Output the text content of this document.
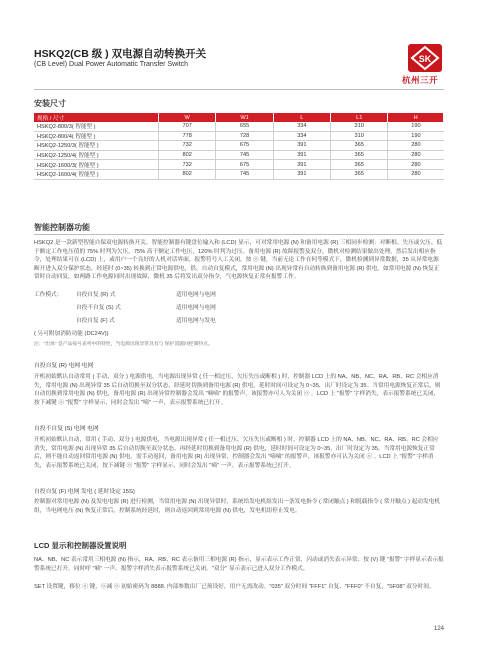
HSKQ2(CB 级 ) 双电源自动转换开关
(CB Level) Dual Power Automatic Transfer Switch
SK
杭州三开
安装尺寸
规格 / 尺寸	W	W1	L	L1	H
HSKQ2-800/3( 智能型 )	707	655	334	310	190
HSKQ2-800/4( 智能型 )	778	728	334	310	190
HSKQ2-1250/3( 智能型 )	732	675	391	365	280
HSKQ2-1250/4( 智能型 )	802	745	391	365	280
HSKQ2-1600/3( 智能型 )	732	675	391	365	280
HSKQ2-1600/4( 智能型 )	802	745	391	365	280
智能控制器功能
HSKQ2 是一款新型智能自保双电源转换开关。智能控制器有键盘位输入和 (LCD) 显示，可对常用电源 (N) 和备用电源 (R) 三相同步检测：对断相、失压或欠压、低于额定工作电压值的 75% 时判为欠压，75% 高于额定工作电压，120% 时判为过压。备用电源 (R) 故障报警及双分，微机对检测结果做出处理，然后发出相应指令，处理结果可在 (LCD) 上，或用户一个良好的人机对话界面，报警符号人工关闭，按 ⓞ 键，当前无论工作在何等模式下，微机检测到异常数据，35 从异常电源断开进入双分保护状态，经延时 (0~35) 转换到正常电源供电，供，自动自复模式，常用电源 (N) 出现异常有自动转换到备用电源 (R) 供电，如常用电源 (N) 恢复正常时自动回复，如两路工作电源同时出现故障，微机 35 后将发出双分指令，气电源恢复正常有报警工作。
工作模式： 自投自复 (R) 式	适用电网与电网
自投不自复 (S) 式	适用电网与电网
自投自复 (F) 式	适用电网与发电
( 另可附加消防功能 (DC24V))
注："出体" 是产品按号表列中的特性，当电源出现异常具有与 保护消题回控制特点。
自投自复 (R) 电网 电网
开机初始默认自动常用 ( 手动、双分 ) 电源供电，当电源出现异常 ( 任一相过压、欠压失压或断相 ) 时，控制器 LCD 上的 NA、NB、NC、RA、RB、RC 会相应消失，常用电源 (N) 出现异常 35 后自动切换至双分状态，经延时切换到备用电源 (R) 供电，延时时间可设定为 0~35，出厂时设定为 35。当常用电源恢复正常后，则自动切换到常用电源 (N) 供电，备用电源 (R) 出现异常控制器会发出 "嘀嘀" 的报警声，该报警亦可人为关闭 ⓞ 。LCD 上 "报警" 字样消失，表示报警系统已关闭，按下减键 ⓞ "报警" 字样显示，同时会发出 "嘀" 一声，表示报警系统已打开。
自投不自复 (S) 电网 电网
开机初始默认自动，常用 ( 手动、双分 ) 电源供电，当电源出现异常 ( 任一相过压、欠压失压或断相 ) 时，控制器 LCD 上的 NA、NB、NC、RA、RB、RC 会相应消失，常用电源 (N) 出现异常 35 后自动切换至双分状态，再经延时切换到备用电源 (R) 供电，延时时间可设定为 0~35，出厂时设定为 35。当常用电源恢复正常后，则不能自动返回常用电源 (N) 供电，需手动返回，备用电源 (R) 出现异常，控制器会发出 "嘀嘀" 的报警声，该报警亦可认为关闭 ⓞ 。LCD 上 "报警" 字样消失，表示报警系统已关闭，按下减键 ⓞ "报警" 字样显示，同时会发出 "嘀" 一声，表示报警系统已打开。
自投自复 (F) 电网 发电 ( 延时设定 15S)
控制器对常用电源 (N) 及发电电源 (R) 进行检测，当常用电源 (N) 出现异常时，系统给发电机组发出一条发电指令 ( 常闭触点 ) 和脱载指令 ( 常开触点 ) 起动发电机组，当电网电压 (N) 恢复正常后，控制系统经延时，则自动返回到常用电源 (N) 供电，发电机组停止发电。
LCD 显示和控制器设置说明
NA、NB、NC 表示常用三相电源 (N) 指示，RA、RB、RC 表示备用三相电源 (R) 指示，显示表示工作正常，闪动或消失表示异常；按 (V) 键 "报警" 字样显示表示报警系统已打开，同时呼 "嘀" 一声。报警字样消失表示报警系统已关闭。"双分" 显示表示已进入双分工作模式。
SET 设置键，移位 ⓞ 键，ⓞ减 ⓞ 初始密码为 8888. 内部参数出厂已预设好，用户无需改动。"035" 双分时间 "FFF1" 自复、"FFF0" 不自复，"SF08" 双分时间。
124
